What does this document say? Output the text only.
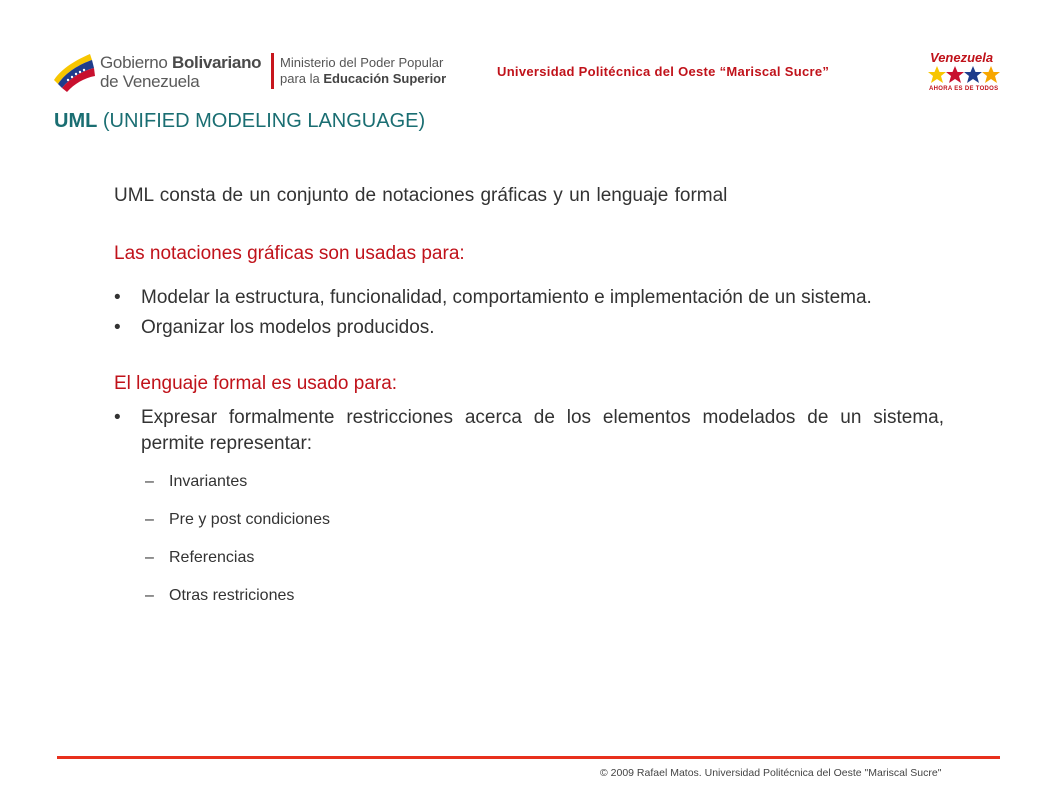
Gobierno Bolivariano
de Venezuela
Ministerio del Poder Popular
para la Educación Superior	Universidad Politécnica del Oeste “Mariscal Sucre”
Venezuela
AHORA ES DE TODOS
UML (UNIFIED MODELING LANGUAGE)

UML consta de un conjunto de notaciones gráficas y un lenguaje formal

Las notaciones gráficas son usadas para:

• Modelar la estructura, funcionalidad, comportamiento e implementación de un sistema.
• Organizar los modelos producidos.

El lenguaje formal es usado para:

• Expresar formalmente restricciones acerca de los elementos modelados de un sistema, permite representar:
– Invariantes
– Pre y post condiciones
– Referencias
– Otras restriciones
© 2009 Rafael Matos. Universidad Politécnica del Oeste "Mariscal Sucre"
